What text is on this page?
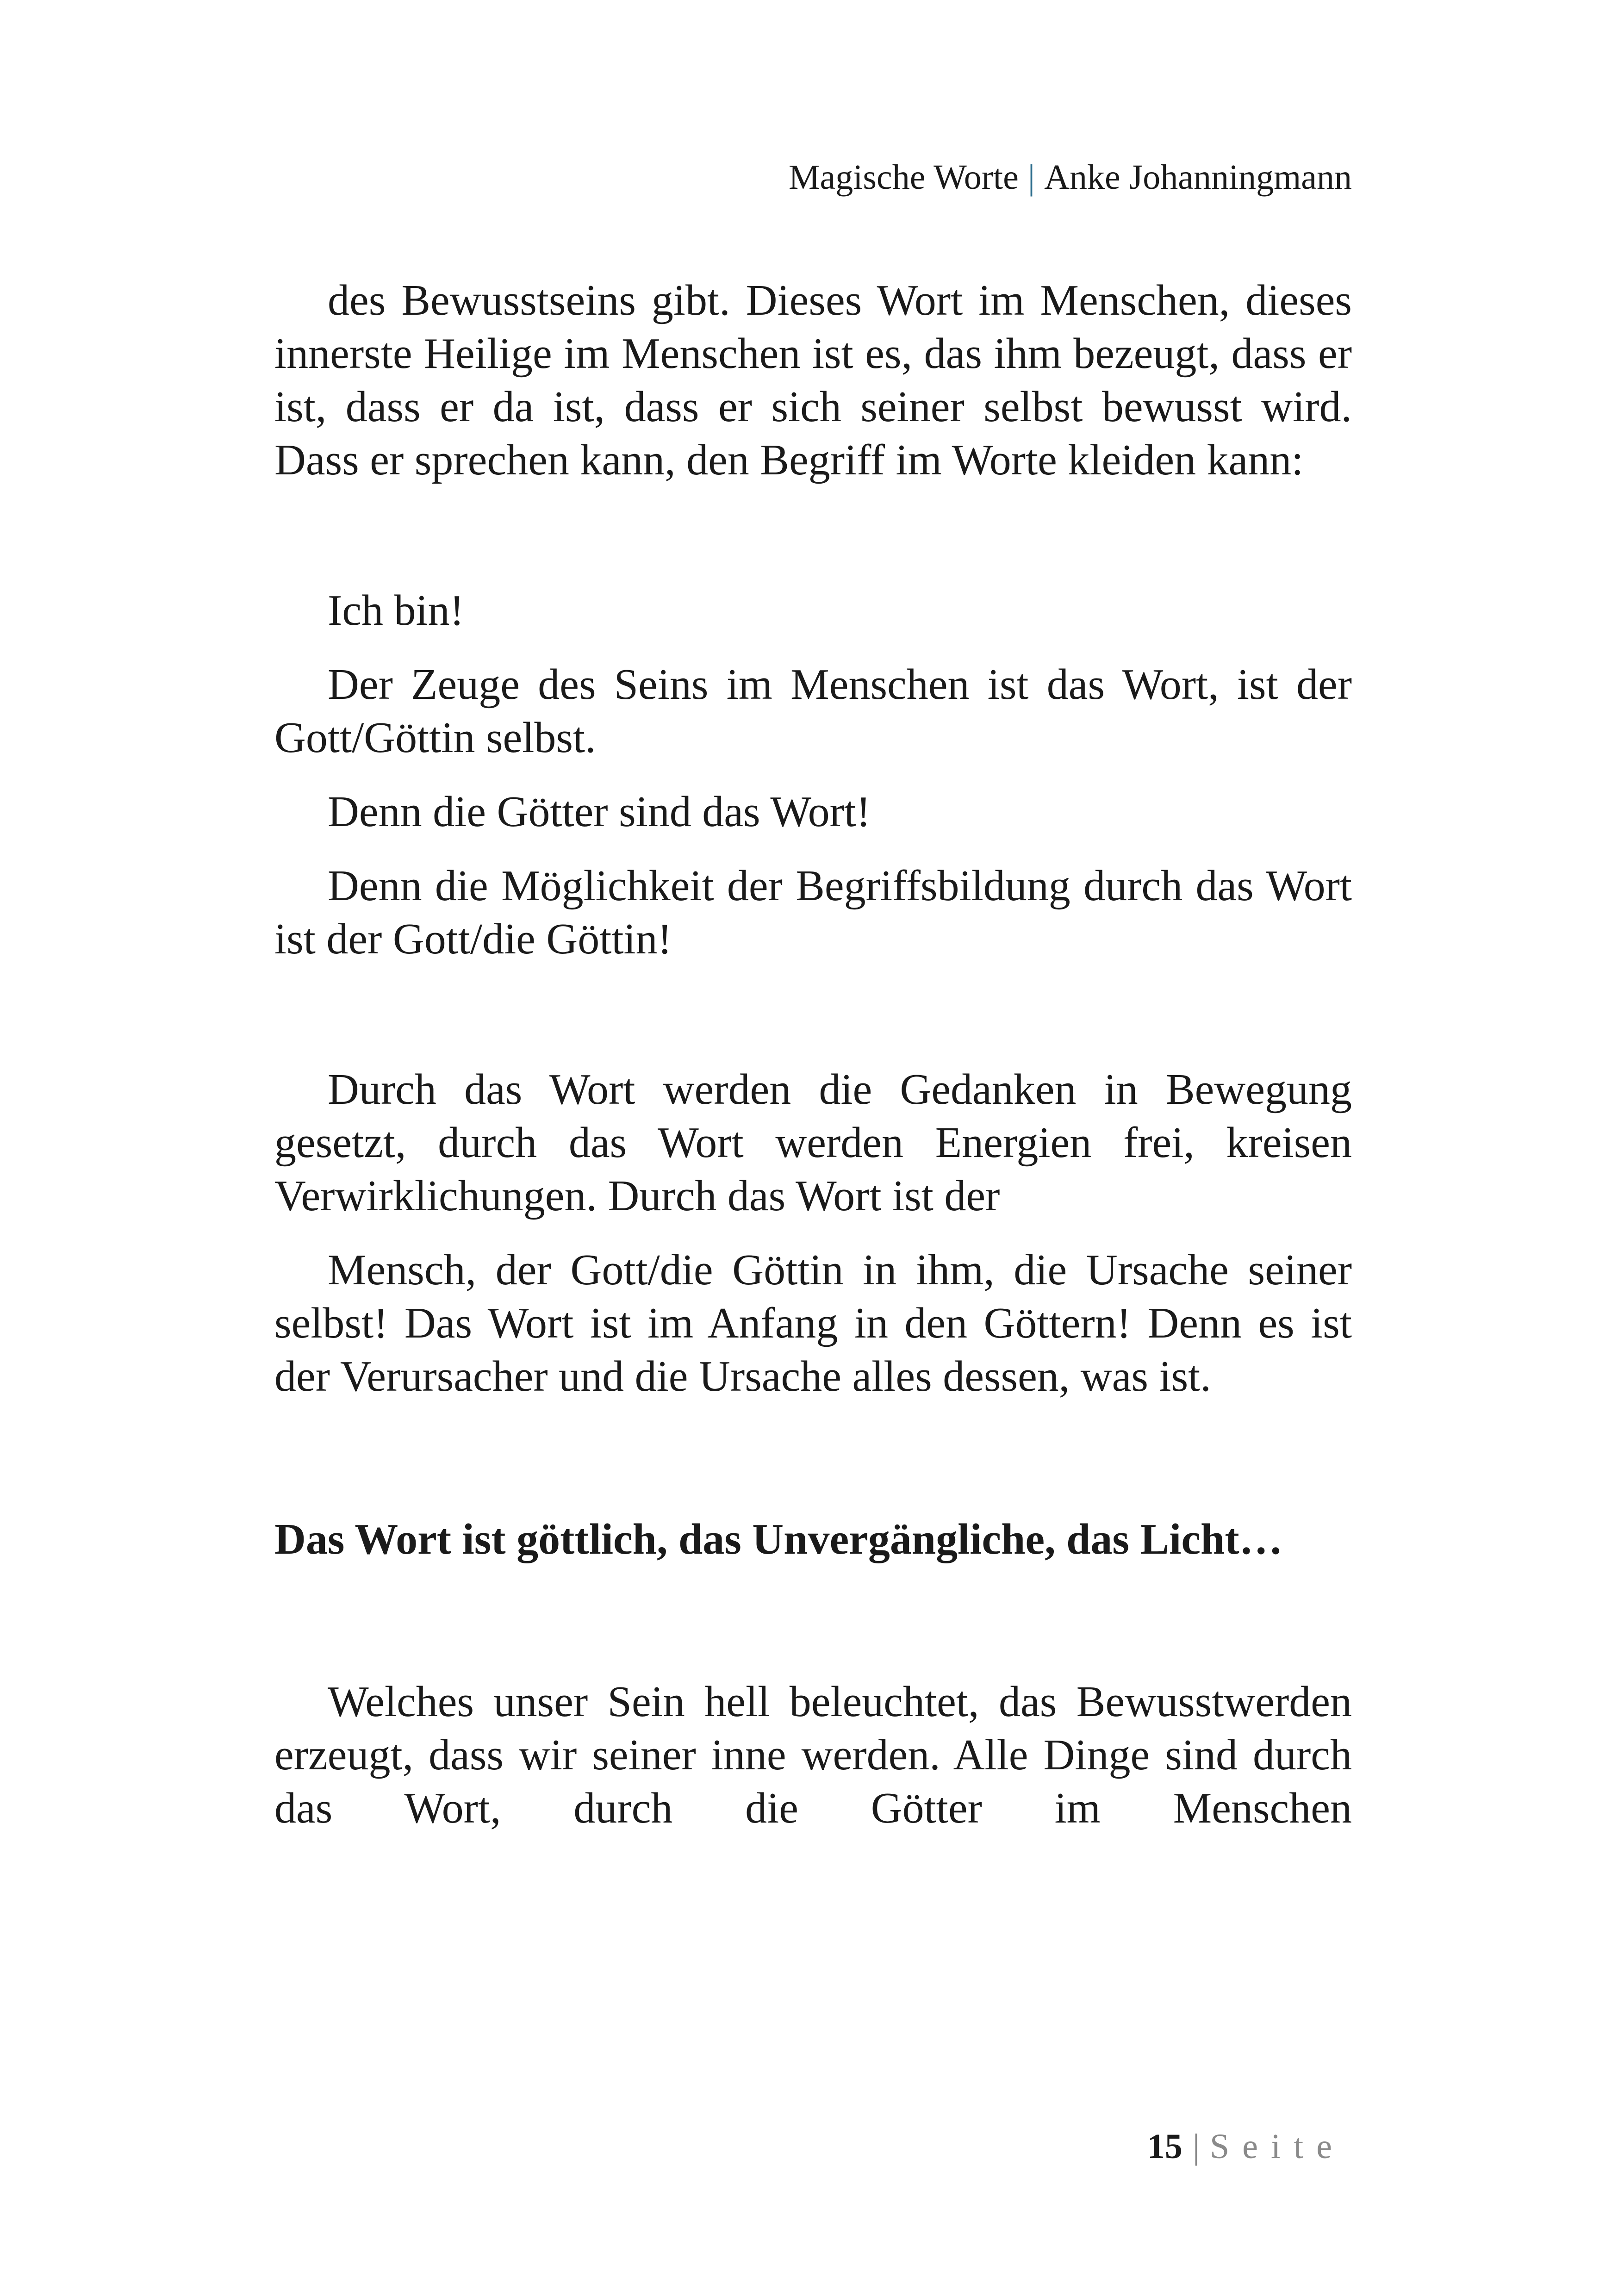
Magische Worte | Anke Johanningmann

des Bewusstseins gibt. Dieses Wort im Menschen, dieses innerste Heilige im Menschen ist es, das ihm bezeugt, dass er ist, dass er da ist, dass er sich seiner selbst bewusst wird. Dass er sprechen kann, den Begriff im Worte kleiden kann:

Ich bin!

Der Zeuge des Seins im Menschen ist das Wort, ist der Gott/Göttin selbst.

Denn die Götter sind das Wort!

Denn die Möglichkeit der Begriffsbildung durch das Wort ist der Gott/die Göttin!

Durch das Wort werden die Gedanken in Bewegung gesetzt, durch das Wort werden Energien frei, kreisen Verwirklichungen. Durch das Wort ist der

Mensch, der Gott/die Göttin in ihm, die Ursache seiner selbst! Das Wort ist im Anfang in den Göttern! Denn es ist der Verursacher und die Ursache alles dessen, was ist.

Das Wort ist göttlich, das Unvergängliche, das Licht…

Welches unser Sein hell beleuchtet, das Bewusstwerden erzeugt, dass wir seiner inne werden. Alle Dinge sind durch das Wort, durch die Götter im Menschen

15 | Seite
